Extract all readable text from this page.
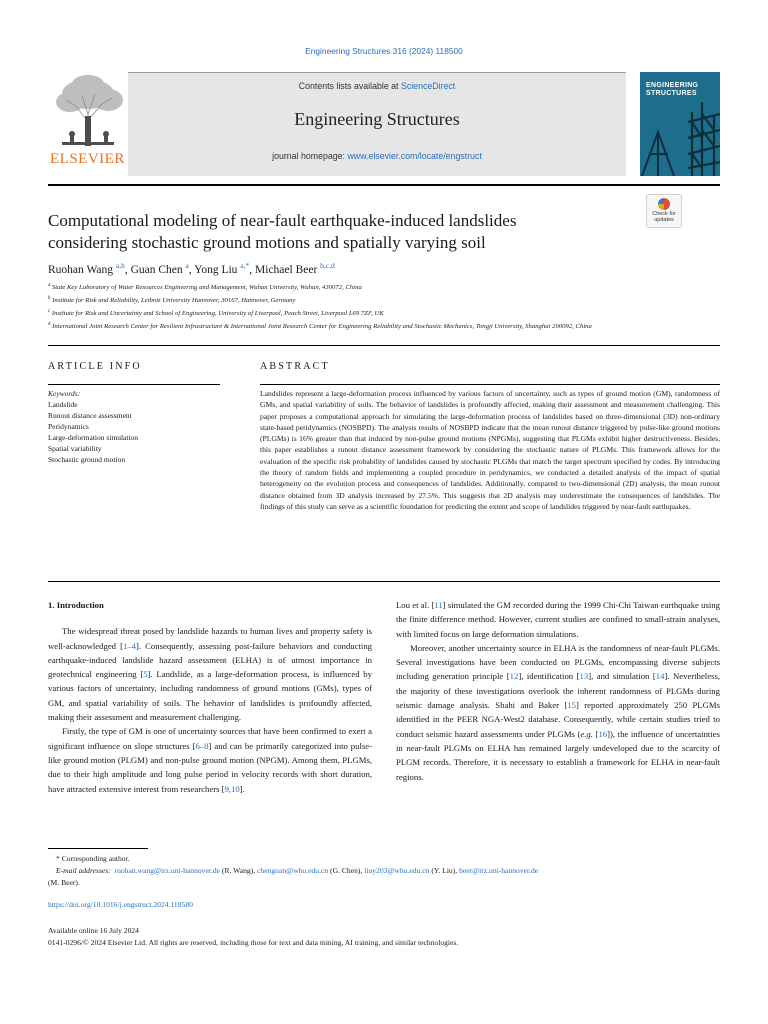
Engineering Structures 316 (2024) 118500
ELSEVIER
Contents lists available at ScienceDirect
Engineering Structures
journal homepage: www.elsevier.com/locate/engstruct
ENGINEERING
STRUCTURES
Check for
updates
Computational modeling of near-fault earthquake-induced landslides
considering stochastic ground motions and spatially varying soil
Ruohan Wang $^{a,b}$, Guan Chen $^a$, Yong Liu $^{a,*}$, Michael Beer $^{b,c,d}$
$^a$ State Key Laboratory of Water Resources Engineering and Management, Wuhan University, Wuhan, 430072, China
$^b$ Institute for Risk and Reliability, Leibniz University Hannover, 30167, Hannover, Germany
$^c$ Institute for Risk and Uncertainty and School of Engineering, University of Liverpool, Peach Street, Liverpool L69 7ZF, UK
$^d$ International Joint Research Center for Resilient Infrastructure & International Joint Research Center for Engineering Reliability and Stochastic Mechanics, Tongji University, Shanghai 200092, China
ARTICLE INFO	ABSTRACT
Keywords:
Landslide
Runout distance assessment
Peridynamics
Large-deformation simulation
Spatial variability
Stochastic ground motion
Landslides represent a large-deformation process influenced by various factors of uncertainty, such as types of ground motion (GM), randomness of GMs, and spatial variability of soils. The behavior of landslides is profoundly affected, making their assessment and measurement challenging. This paper proposes a computational approach for simulating the large-deformation process of landslides based on three-dimensional (3D) non-ordinary state-based peridynamics (NOSBPD). The analysis results of NOSBPD indicate that the mean runout distance triggered by pulse-like ground motions (PLGMs) is 16% greater than that induced by non-pulse ground motions (NPGMs), suggesting that PLGMs exhibit higher destructiveness. Besides, this paper establishes a runout distance assessment framework by considering the stochastic nature of PLGMs. This framework allows for the evaluation of the specific risk probability of landslides caused by stochastic PLGMs that match the target spectrum specified by codes. By introducing the theory of random fields and implementing a coupled procedure in peridynamics, we conducted a detailed analysis of the impact of spatial heterogeneity on the evolution process and consequences of landslides. Additionally, compared to two-dimensional (2D) analysis, the mean runout distance obtained from 3D analysis increased by 27.5%. This suggests that 2D analysis may underestimate the consequences of landslides. The findings of this study can serve as a scientific foundation for predicting the extent and scope of landslides triggered by near-fault earthquakes.
1. Introduction

The widespread threat posed by landslide hazards to human lives and property safety is well-acknowledged [1–4]. Consequently, assessing post-failure behaviors and conducting earthquake-induced landslide hazard assessment (ELHA) is of utmost importance in geotechnical engineering [5]. Landslide, as a large-deformation process, is influenced by various factors of uncertainty, including randomness of ground motions (GMs), types of GM, and spatial variability of soils. The behavior of landslides is profoundly affected, making their assessment and measurement challenging.

Firstly, the type of GM is one of uncertainty sources that have been confirmed to exert a significant influence on slope structures [6–8] and can be primarily categorized into pulse-like ground motion (PLGM) and non-pulse ground motion (NPGM). Among them, PLGMs, due to their high amplitude and long pulse period in velocity records with short duration, have attracted extensive interest from researchers [9,10].

Lou et al. [11] simulated the GM recorded during the 1999 Chi-Chi Taiwan earthquake using the finite difference method. However, current studies are confined to small-strain analyses, with limited focus on large deformation simulations.

Moreover, another uncertainty source in ELHA is the randomness of near-fault PLGMs. Several investigations have been conducted on PLGMs, encompassing diverse subjects including generation principle [12], identification [13], and simulation [14]. Nevertheless, the majority of these investigations overlook the inherent randomness of PLGMs during seismic damage analysis. Shahi and Baker [15] reported approximately 250 PLGMs identified in the PEER NGA-West2 database. Consequently, while certain studies tried to conduct seismic hazard assessments under PLGMs (e.g. [16]), the influence of uncertainties in near-fault PLGMs on ELHA has remained largely undeveloped due to the scarcity of PLGM records. Therefore, it is necessary to establish a framework for ELHA in near-fault regions.

* Corresponding author.
E-mail addresses: ruohan.wang@irz.uni-hannover.de (R. Wang), chenguan@whu.edu.cn (G. Chen), liuy203@whu.edu.cn (Y. Liu), beer@irz.uni-hannover.de
(M. Beer).
https://doi.org/10.1016/j.engstruct.2024.118580
Available online 16 July 2024
0141-0296/© 2024 Elsevier Ltd. All rights are reserved, including those for text and data mining, AI training, and similar technologies.
